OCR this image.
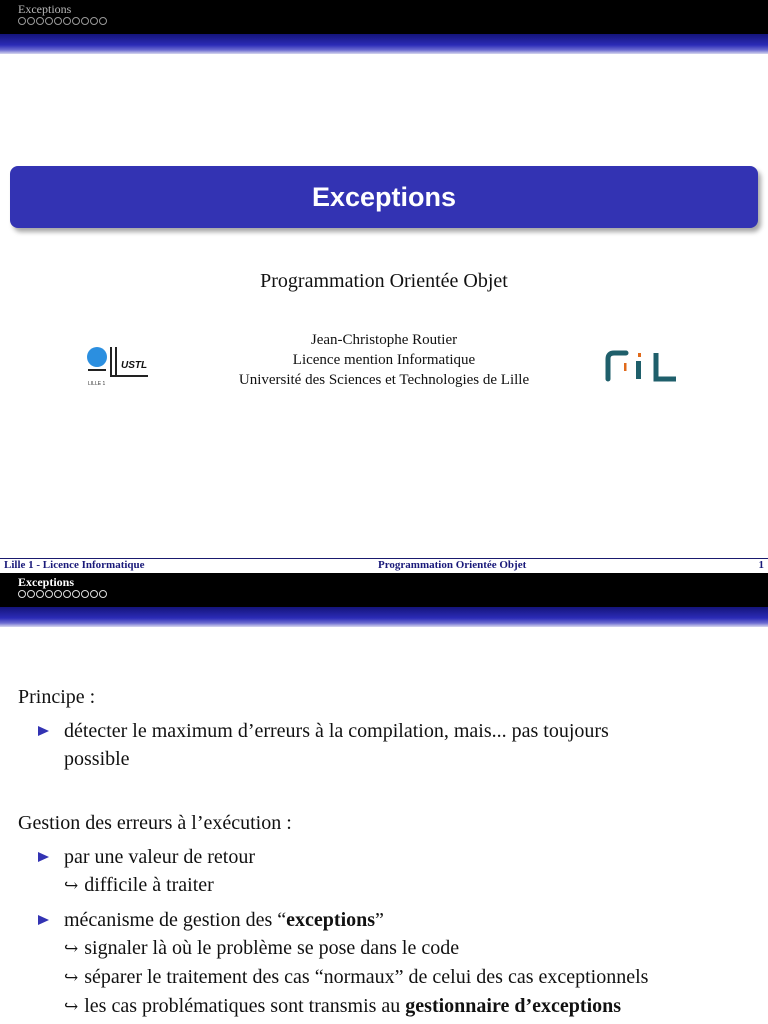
Exceptions
Exceptions
Programmation Orientée Objet
Jean-Christophe Routier
Licence mention Informatique
Université des Sciences et Technologies de Lille
USTL
LILLE 1
Lille 1 - Licence Informatique	Programmation Orientée Objet	1
Exceptions
Principe :
détecter le maximum d’erreurs à la compilation, mais... pas toujours
possible
Gestion des erreurs à l’exécution :
par une valeur de retour
↪ difficile à traiter
mécanisme de gestion des “exceptions”
↪ signaler là où le problème se pose dans le code
↪ séparer le traitement des cas “normaux” de celui des cas exceptionnels
↪ les cas problématiques sont transmis au gestionnaire d’exceptions
